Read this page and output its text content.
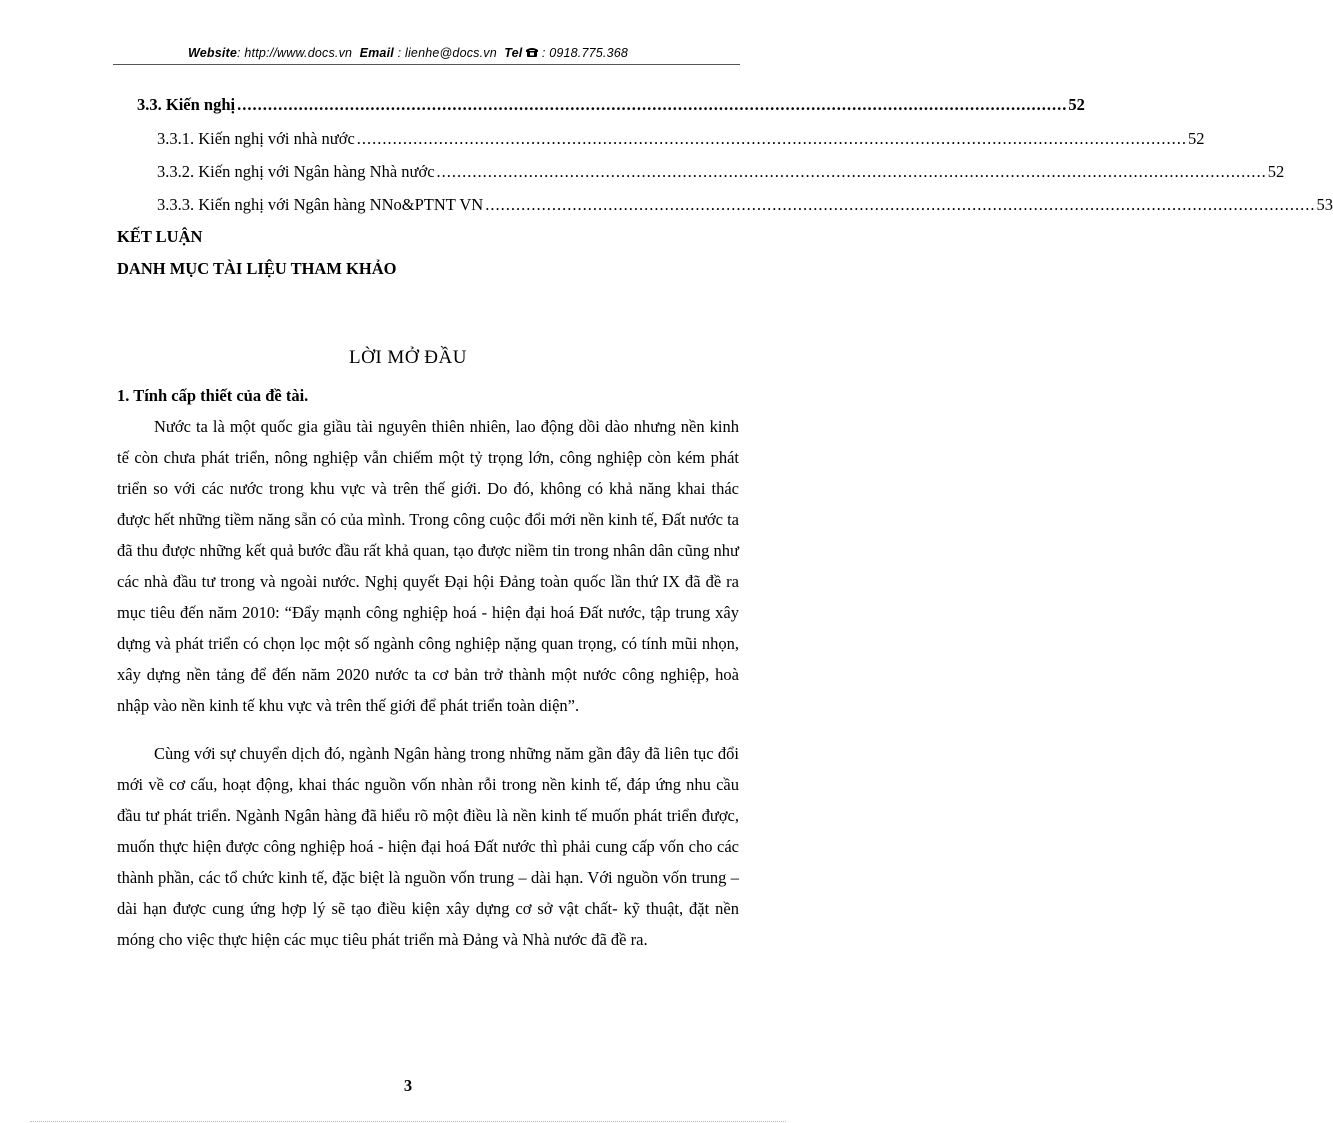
Website: http://www.docs.vn Email : lienhe@docs.vn Tel : 0918.775.368
3.3. Kiến nghị .................................................................................................................................................................. 52
3.3.1. Kiến nghị với nhà nước .................................................................................................................................................................. 52
3.3.2. Kiến nghị với Ngân hàng Nhà nước .................................................................................................................................................................. 52
3.3.3. Kiến nghị với Ngân hàng NNo&PTNT VN .................................................................................................................................................................. 53
KẾT LUẬN
DANH MỤC TÀI LIỆU THAM KHẢO
LỜI MỞ ĐẦU
1. Tính cấp thiết của đề tài.

Nước ta là một quốc gia giầu tài nguyên thiên nhiên, lao động dồi dào nhưng nền kinh tế còn chưa phát triển, nông nghiệp vẫn chiếm một tỷ trọng lớn, công nghiệp còn kém phát triển so với các nước trong khu vực và trên thế giới. Do đó, không có khả năng khai thác được hết những tiềm năng sẵn có của mình. Trong công cuộc đổi mới nền kinh tế, Đất nước ta đã thu được những kết quả bước đầu rất khả quan, tạo được niềm tin trong nhân dân cũng như các nhà đầu tư trong và ngoài nước. Nghị quyết Đại hội Đảng toàn quốc lần thứ IX đã đề ra mục tiêu đến năm 2010: “Đẩy mạnh công nghiệp hoá - hiện đại hoá Đất nước, tập trung xây dựng và phát triển có chọn lọc một số ngành công nghiệp nặng quan trọng, có tính mũi nhọn, xây dựng nền tảng để đến năm 2020 nước ta cơ bản trở thành một nước công nghiệp, hoà nhập vào nền kinh tế khu vực và trên thế giới để phát triển toàn diện”.

Cùng với sự chuyển dịch đó, ngành Ngân hàng trong những năm gần đây đã liên tục đổi mới về cơ cấu, hoạt động, khai thác nguồn vốn nhàn rỗi trong nền kinh tế, đáp ứng nhu cầu đầu tư phát triển. Ngành Ngân hàng đã hiểu rõ một điều là nền kinh tế muốn phát triển được, muốn thực hiện được công nghiệp hoá - hiện đại hoá Đất nước thì phải cung cấp vốn cho các thành phần, các tổ chức kinh tế, đặc biệt là nguồn vốn trung – dài hạn. Với nguồn vốn trung – dài hạn được cung ứng hợp lý sẽ tạo điều kiện xây dựng cơ sở vật chất- kỹ thuật, đặt nền móng cho việc thực hiện các mục tiêu phát triển mà Đảng và Nhà nước đã đề ra.

3
